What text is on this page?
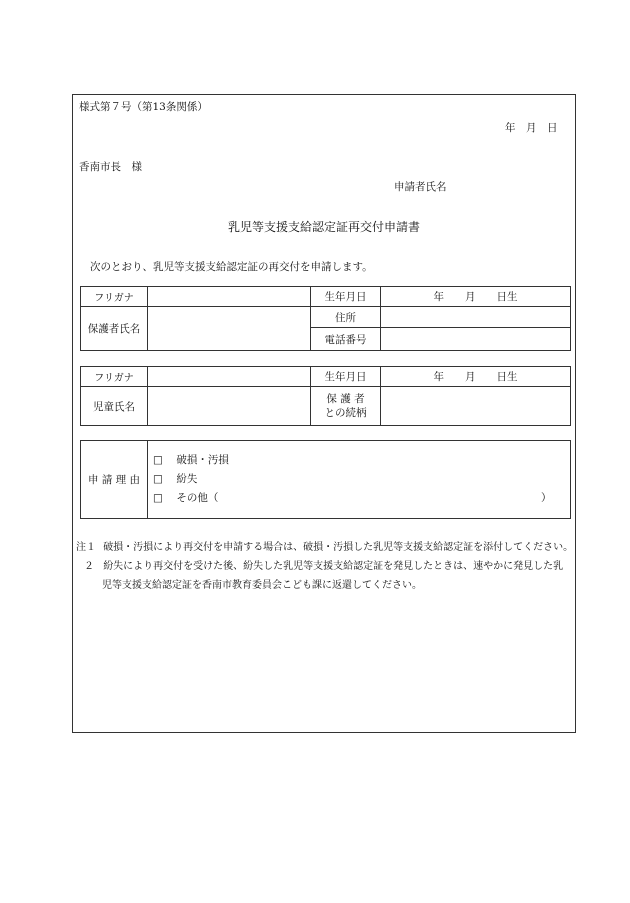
様式第７号（第13条関係）
年　月　日
香南市長　様
申請者氏名
乳児等支援支給認定証再交付申請書
次のとおり、乳児等支援支給認定証の再交付を申請します。
フリガナ		生年月日	年　　月　　日生
保護者氏名		住所	
		電話番号	
フリガナ		生年月日	年　　月　　日生
児童氏名		保 護 者
との続柄	

申 請 理 由	
□ 破損・汚損
□ 紛失
□ その他（	）
注１ 破損・汚損により再交付を申請する場合は、破損・汚損した乳児等支援支給認定証を添付してください。
２ 紛失により再交付を受けた後、紛失した乳児等支援支給認定証を発見したときは、速やかに発見した乳
児等支援支給認定証を香南市教育委員会こども課に返還してください。
